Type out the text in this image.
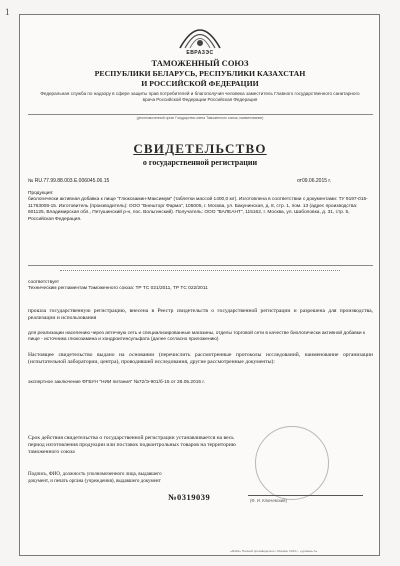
1
ЕВРАЗЭС
ТАМОЖЕННЫЙ СОЮЗ
РЕСПУБЛИКИ БЕЛАРУСЬ, РЕСПУБЛИКИ КАЗАХСТАН
И РОССИЙСКОЙ ФЕДЕРАЦИИ
Федеральная служба по надзору в сфере защиты прав потребителей и благополучия человека заместитель Главного государственного санитарного врача Российской Федерации Российская Федерация
(уполномоченный орган Государства-члена Таможенного союза, наименование)
СВИДЕТЕЛЬСТВО
о государственной регистрации
№ RU.77.99.88.003.Е.006045.06.15	от09.06.2015 г.
Продукция:
биологически активная добавка к пище "Глюкозамин-Максимум" (таблетки массой 1400,0 мг). Изготовлена в соответствии с документами: ТУ 9197-015-11763008-15. Изготовитель (производитель): ООО "Внешторг Фарма", 105005, г. Москва, ул. Бакунинская, д. 8, стр. 1, пом. 13 (адрес производства: 601125, Владимирская обл., Петушинский р-н, пос. Вольгинский). Получатель: ООО "ВАЛЕАНТ", 115162, г. Москва, ул. Шаболовка, д. 31, стр. 5, Российская Федерация.
соответствует
Техническим регламентам Таможенного союза: ТР ТС 021/2011, ТР ТС 022/2011
прошла государственную регистрацию, внесена в Реестр свидетельств о государственной регистрации и разрешена для производства, реализации и использования
для реализации населению через аптечную сеть и специализированные магазины, отделы торговой сети в качестве биологически активной добавки к пище - источника глюкозамина и хондроитинсульфата (далее согласно приложению)
Настоящее свидетельство выдано на основании (перечислить рассмотренные протоколы исследований, наименование организации (испытательной лаборатории, центра), проводившей исследования, другие рассмотренные документы):
экспертное заключение ФГБУН "НИИ питания" №72/Э-901/б-15 от 28.05.2015 г.
Срок действия свидетельства о государственной регистрации устанавливается на весь период изготовления продукции или поставок подконтрольных товаров на территорию таможенного союза
Подпись, ФИО, должность уполномоченного лица, выдавшего документ, и печать органа (учреждения), выдавшего документ
(Ф. И. Ключевский)
№0319039
«ЗНАК» Полный производитель • Москва, 2013 г., «уровень А»
